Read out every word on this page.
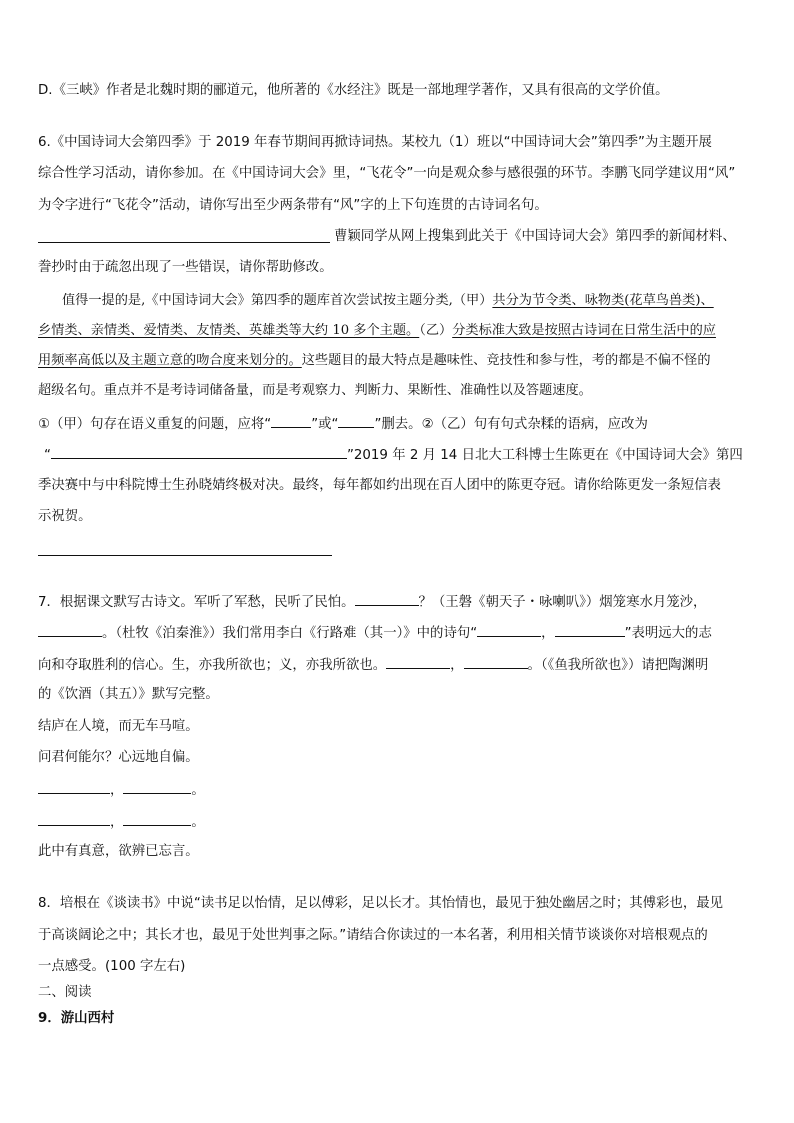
D.《三峡》作者是北魏时期的郦道元，他所著的《水经注》既是一部地理学著作，又具有很高的文学价值。
6.《中国诗词大会第四季》于 2019 年春节期间再掀诗词热。某校九（1）班以“中国诗词大会”第四季”为主题开展
综合性学习活动，请你参加。在《中国诗词大会》里，“飞花令”一向是观众参与感很强的环节。李鹏飞同学建议用“风”
为令字进行“飞花令”活动，请你写出至少两条带有“风”字的上下句连贯的古诗词名句。
曹颖同学从网上搜集到此关于《中国诗词大会》第四季的新闻材料、
誊抄时由于疏忽出现了一些错误，请你帮助修改。
值得一提的是,《中国诗词大会》第四季的题库首次尝试按主题分类,（甲）共分为节令类、咏物类(花草鸟兽类)、
乡情类、亲情类、爱情类、友情类、英雄类等大约 10 多个主题。（乙）分类标准大致是按照古诗词在日常生活中的应
用频率高低以及主题立意的吻合度来划分的。这些题目的最大特点是趣味性、竞技性和参与性，考的都是不偏不怪的
超级名句。重点并不是考诗词储备量，而是考观察力、判断力、果断性、准确性以及答题速度。
①（甲）句存在语义重复的问题，应将“	”或“	”删去。②（乙）句有句式杂糅的语病，应改为
“	”2019 年 2 月 14 日北大工科博士生陈更在《中国诗词大会》第四
季决赛中与中科院博士生孙晓婧终极对决。最终，每年都如约出现在百人团中的陈更夺冠。请你给陈更发一条短信表
示祝贺。
7．根据课文默写古诗文。军听了军愁，民听了民怕。	？（王磐《朝天子・咏喇叭》）烟笼寒水月笼沙，
。（杜牧《泊秦淮》）我们常用李白《行路难（其一）》中的诗句“	，	”表明远大的志
向和夺取胜利的信心。生，亦我所欲也；义，亦我所欲也。	，	。（《鱼我所欲也》）请把陶渊明
的《饮酒（其五）》默写完整。
结庐在人境，而无车马喧。
问君何能尔？心远地自偏。
，	。
，	。
此中有真意，欲辨已忘言。
8．培根在《谈读书》中说“读书足以怡情，足以傅彩，足以长才。其怡情也，最见于独处幽居之时；其傅彩也，最见
于高谈阔论之中；其长才也，最见于处世判事之际。”请结合你读过的一本名著，利用相关情节谈谈你对培根观点的
一点感受。(100 字左右)
二、阅读
9．游山西村
